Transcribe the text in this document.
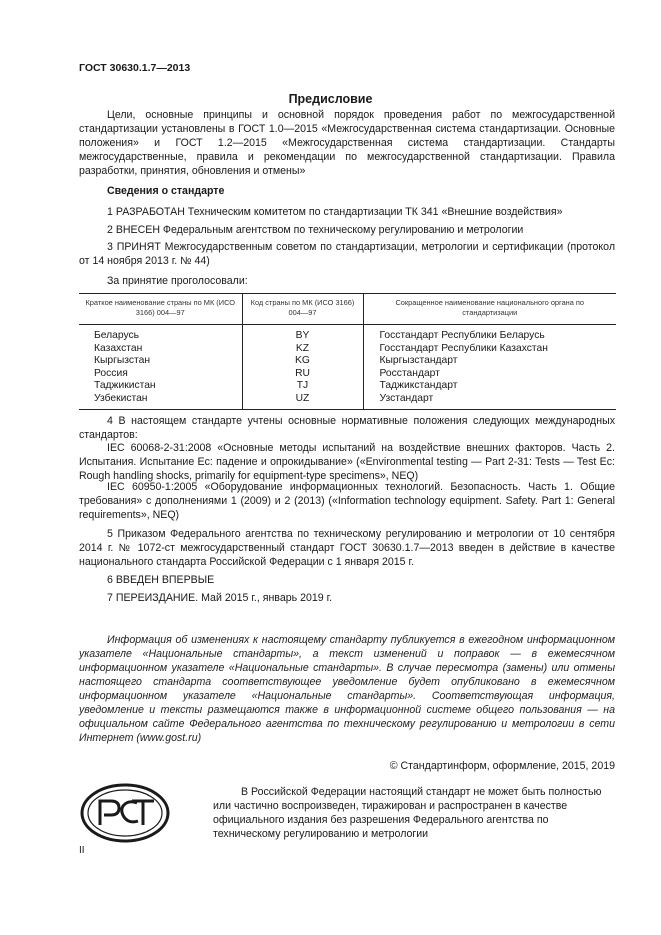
ГОСТ 30630.1.7—2013
Предисловие
Цели, основные принципы и основной порядок проведения работ по межгосударственной стандартизации установлены в ГОСТ 1.0—2015 «Межгосударственная система стандартизации. Основные положения» и ГОСТ 1.2—2015 «Межгосударственная система стандартизации. Стандарты межгосударственные, правила и рекомендации по межгосударственной стандартизации. Правила разработки, принятия, обновления и отмены»
Сведения о стандарте
1 РАЗРАБОТАН Техническим комитетом по стандартизации ТК 341 «Внешние воздействия»
2 ВНЕСЕН Федеральным агентством по техническому регулированию и метрологии
3 ПРИНЯТ Межгосударственным советом по стандартизации, метрологии и сертификации (протокол от 14 ноября 2013 г. № 44)
За принятие проголосовали:
Краткое наименование страны по МК (ИСО 3166) 004—97	Код страны по МК (ИСО 3166) 004—97	Сокращенное наименование национального органа по стандартизации
Беларусь	BY	Госстандарт Республики Беларусь
Казахстан	KZ	Госстандарт Республики Казахстан
Кыргызстан	KG	Кыргызстандарт
Россия	RU	Росстандарт
Таджикистан	TJ	Таджикстандарт
Узбекистан	UZ	Узстандарт
4 В настоящем стандарте учтены основные нормативные положения следующих международных стандартов:
IEC 60068-2-31:2008 «Основные методы испытаний на воздействие внешних факторов. Часть 2. Испытания. Испытание Ec: падение и опрокидывание» («Environmental testing — Part 2-31: Tests — Test Ec: Rough handling shocks, primarily for equipment-type specimens», NEQ)
IEC 60950-1:2005 «Оборудование информационных технологий. Безопасность. Часть 1. Общие требования» с дополнениями 1 (2009) и 2 (2013) («Information technology equipment. Safety. Part 1: General requirements», NEQ)
5 Приказом Федерального агентства по техническому регулированию и метрологии от 10 сентября 2014 г. № 1072-ст межгосударственный стандарт ГОСТ 30630.1.7—2013 введен в действие в качестве национального стандарта Российской Федерации с 1 января 2015 г.
6 ВВЕДЕН ВПЕРВЫЕ
7 ПЕРЕИЗДАНИЕ. Май 2015 г., январь 2019 г.
Информация об изменениях к настоящему стандарту публикуется в ежегодном информационном указателе «Национальные стандарты», а текст изменений и поправок — в ежемесячном информационном указателе «Национальные стандарты». В случае пересмотра (замены) или отмены настоящего стандарта соответствующее уведомление будет опубликовано в ежемесячном информационном указателе «Национальные стандарты». Соответствующая информация, уведомление и тексты размещаются также в информационной системе общего пользования — на официальном сайте Федерального агентства по техническому регулированию и метрологии в сети Интернет (www.gost.ru)
© Стандартинформ, оформление, 2015, 2019
В Российской Федерации настоящий стандарт не может быть полностью или частично воспроизведен, тиражирован и распространен в качестве официального издания без разрешения Федерального агентства по техническому регулированию и метрологии
II
